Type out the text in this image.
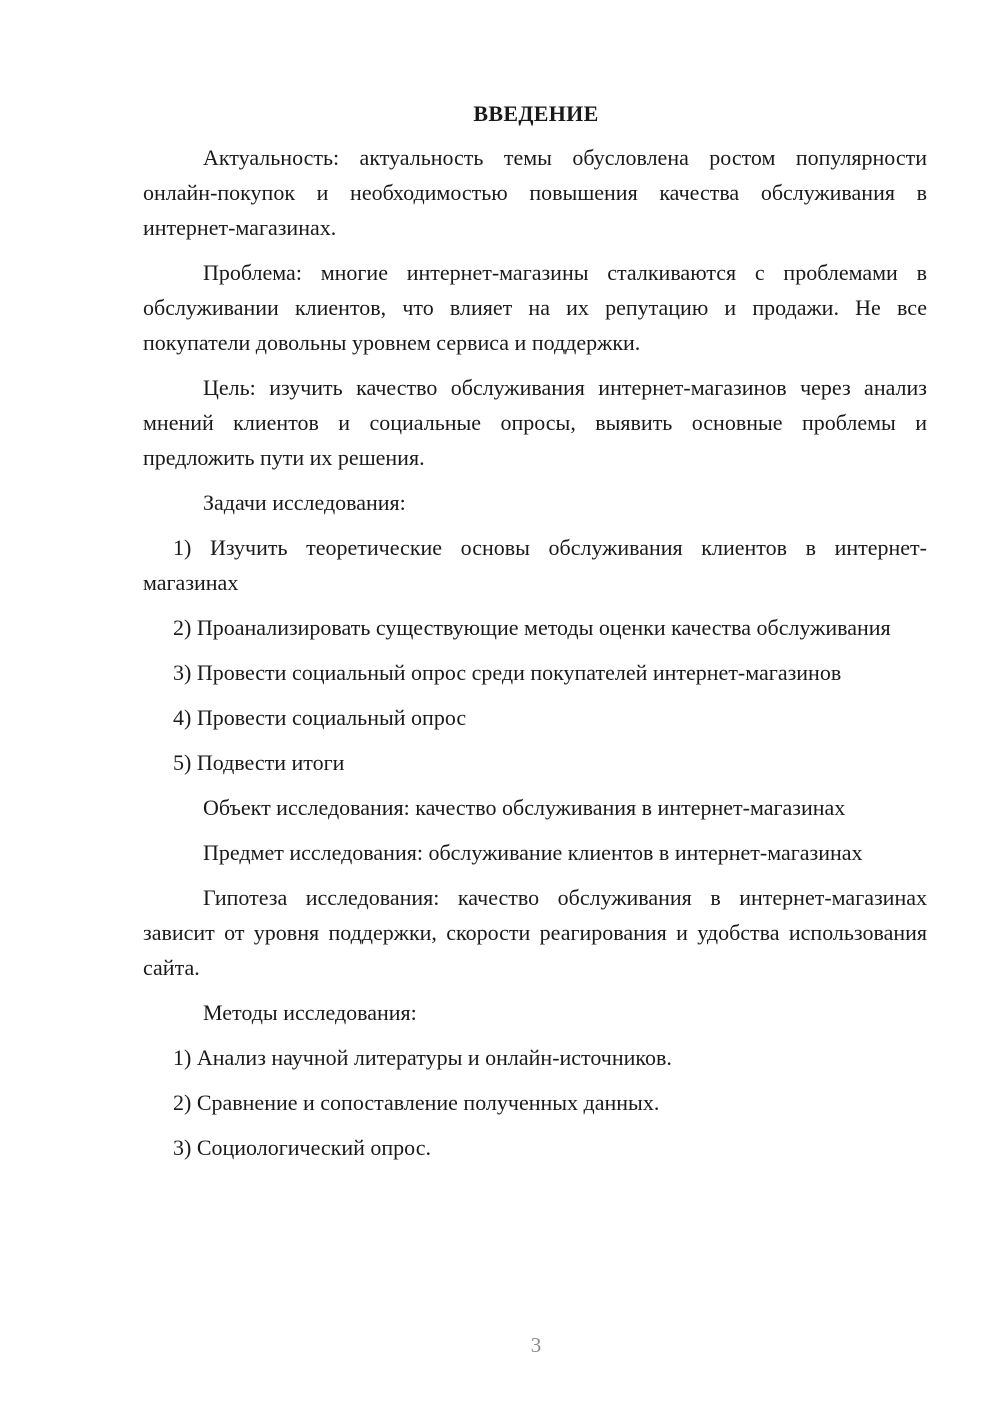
ВВЕДЕНИЕ

Актуальность: актуальность темы обусловлена ростом популярности онлайн-покупок и необходимостью повышения качества обслуживания в интернет-магазинах.

Проблема: многие интернет-магазины сталкиваются с проблемами в обслуживании клиентов, что влияет на их репутацию и продажи. Не все покупатели довольны уровнем сервиса и поддержки.

Цель: изучить качество обслуживания интернет-магазинов через анализ мнений клиентов и социальные опросы, выявить основные проблемы и предложить пути их решения.

Задачи исследования:

1) Изучить теоретические основы обслуживания клиентов в интернет-магазинах

2) Проанализировать существующие методы оценки качества обслуживания

3) Провести социальный опрос среди покупателей интернет-магазинов

4) Провести социальный опрос

5) Подвести итоги

Объект исследования: качество обслуживания в интернет-магазинах

Предмет исследования: обслуживание клиентов в интернет-магазинах

Гипотеза исследования: качество обслуживания в интернет-магазинах зависит от уровня поддержки, скорости реагирования и удобства использования сайта.

Методы исследования:

1) Анализ научной литературы и онлайн-источников.

2) Сравнение и сопоставление полученных данных.

3) Социологический опрос.

3
